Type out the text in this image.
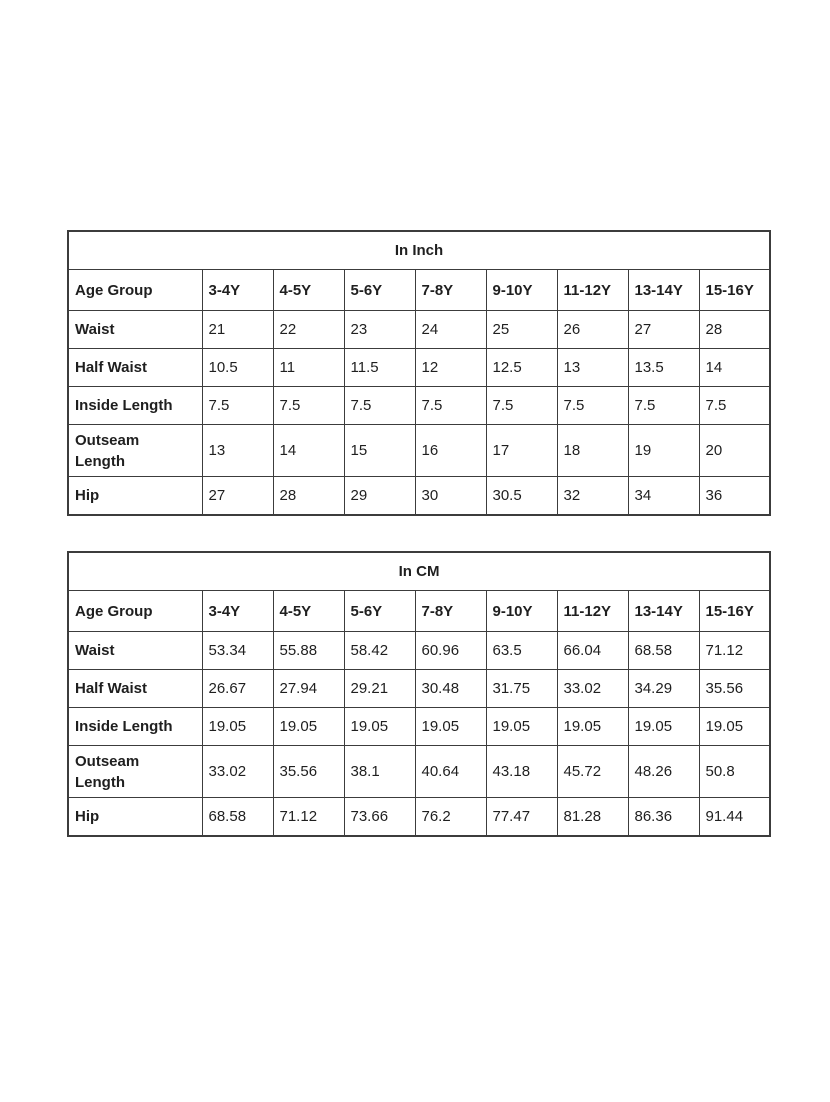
In Inch								
Age Group	3-4Y	4-5Y	5-6Y	7-8Y	9-10Y	11-12Y	13-14Y	15-16Y
Waist	21	22	23	24	25	26	27	28
Half Waist	10.5	11	11.5	12	12.5	13	13.5	14
Inside Length	7.5	7.5	7.5	7.5	7.5	7.5	7.5	7.5
Outseam Length	13	14	15	16	17	18	19	20
Hip	27	28	29	30	30.5	32	34	36
In CM								
Age Group	3-4Y	4-5Y	5-6Y	7-8Y	9-10Y	11-12Y	13-14Y	15-16Y
Waist	53.34	55.88	58.42	60.96	63.5	66.04	68.58	71.12
Half Waist	26.67	27.94	29.21	30.48	31.75	33.02	34.29	35.56
Inside Length	19.05	19.05	19.05	19.05	19.05	19.05	19.05	19.05
Outseam Length	33.02	35.56	38.1	40.64	43.18	45.72	48.26	50.8
Hip	68.58	71.12	73.66	76.2	77.47	81.28	86.36	91.44
